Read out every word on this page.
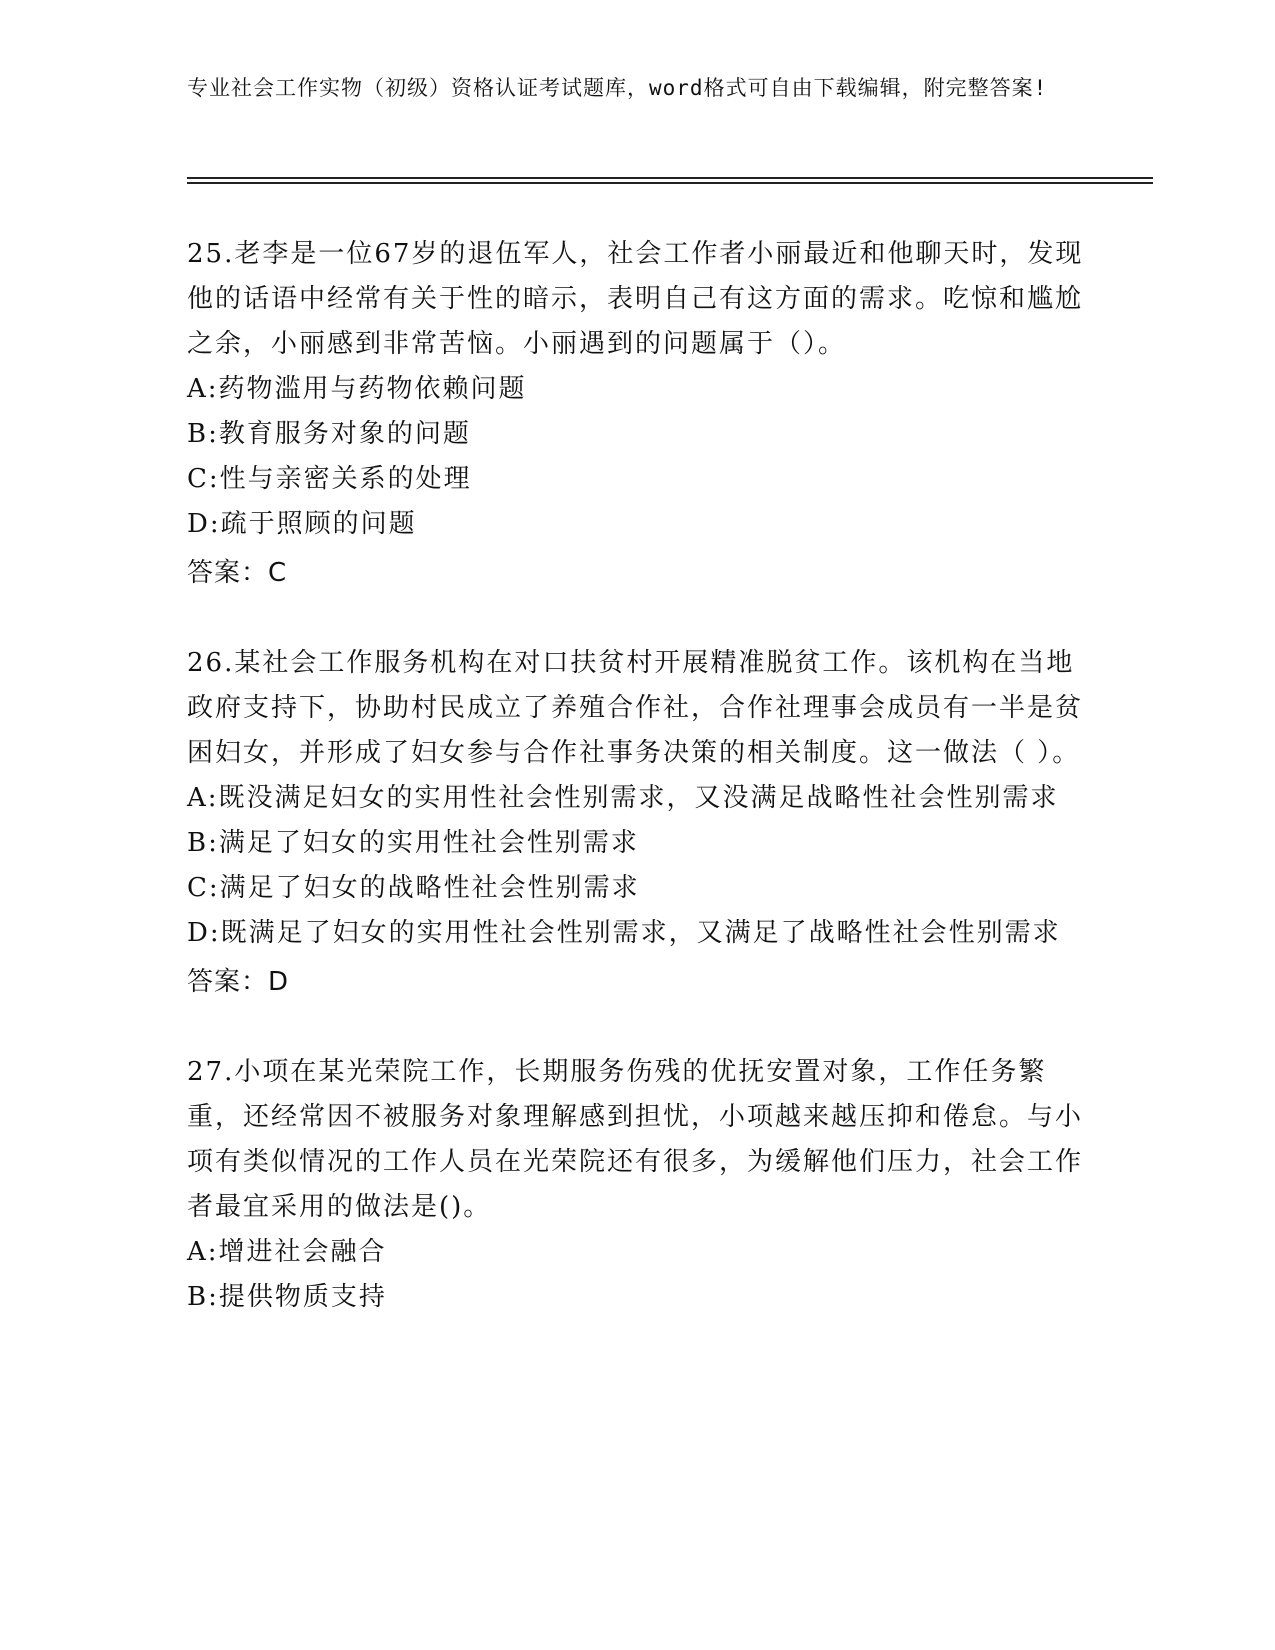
专业社会工作实物（初级）资格认证考试题库，word格式可自由下载编辑，附完整答案!
25.老李是一位67岁的退伍军人，社会工作者小丽最近和他聊天时，发现他的话语中经常有关于性的暗示，表明自己有这方面的需求。吃惊和尴尬之余，小丽感到非常苦恼。小丽遇到的问题属于（）。
A: 药物滥用与药物依赖问题
B: 教育服务对象的问题
C: 性与亲密关系的处理
D: 疏于照顾的问题
答案：C
26.某社会工作服务机构在对口扶贫村开展精准脱贫工作。该机构在当地政府支持下，协助村民成立了养殖合作社，合作社理事会成员有一半是贫困妇女，并形成了妇女参与合作社事务决策的相关制度。这一做法（ ）。
A: 既没满足妇女的实用性社会性别需求，又没满足战略性社会性别需求
B: 满足了妇女的实用性社会性别需求
C: 满足了妇女的战略性社会性别需求
D: 既满足了妇女的实用性社会性别需求，又满足了战略性社会性别需求
答案：D
27.小项在某光荣院工作，长期服务伤残的优抚安置对象，工作任务繁重，还经常因不被服务对象理解感到担忧，小项越来越压抑和倦怠。与小项有类似情况的工作人员在光荣院还有很多，为缓解他们压力，社会工作者最宜采用的做法是()。
A: 增进社会融合
B: 提供物质支持
